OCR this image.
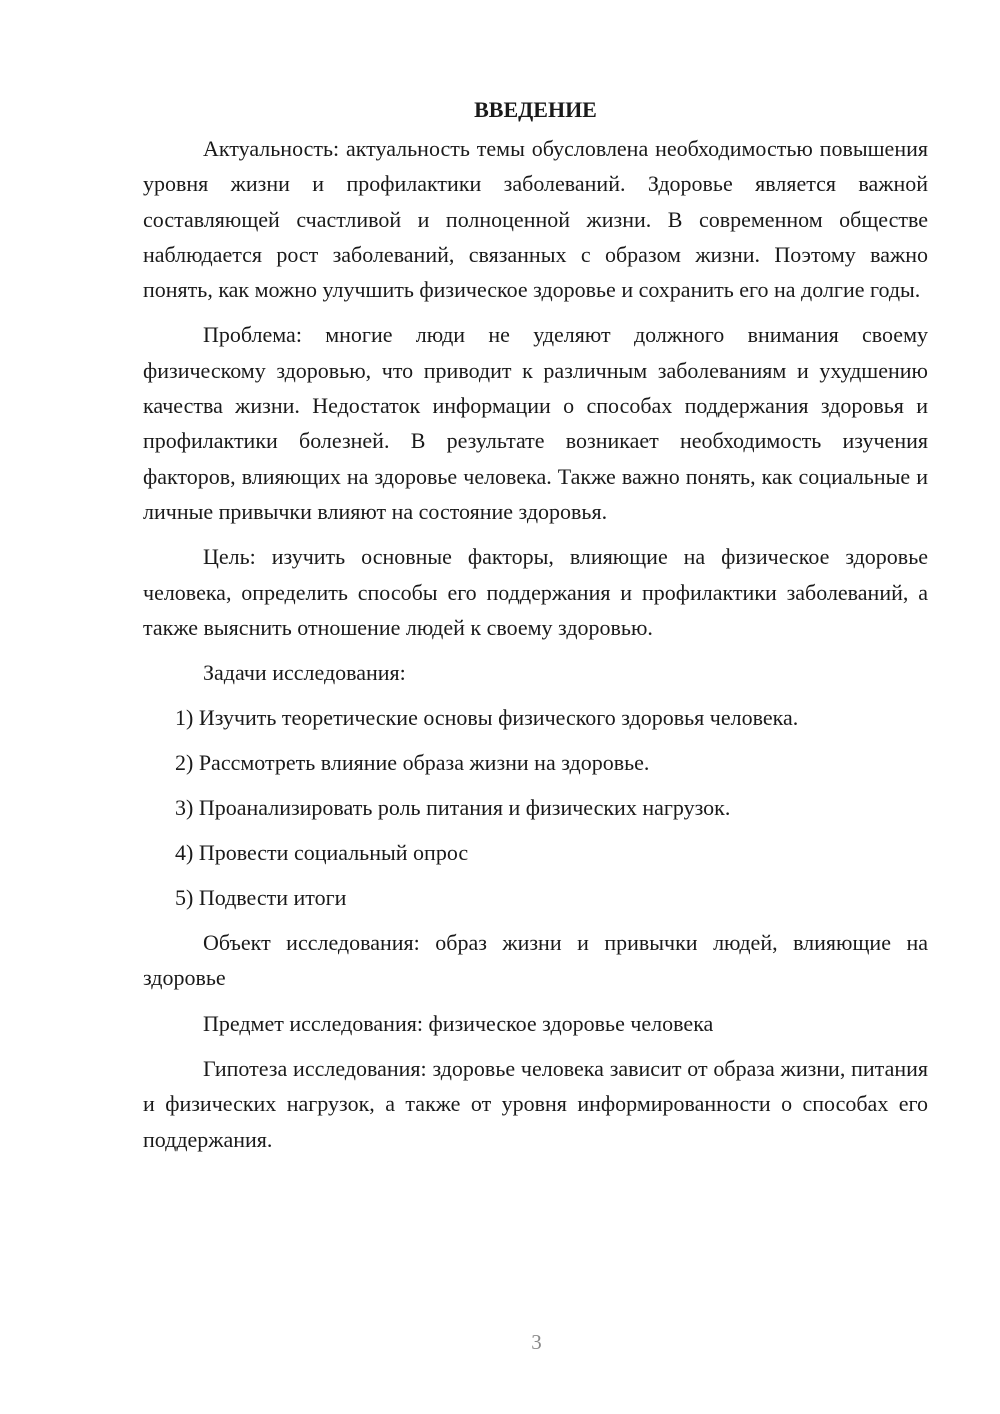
ВВЕДЕНИЕ

Актуальность: актуальность темы обусловлена необходимостью повышения уровня жизни и профилактики заболеваний. Здоровье является важной составляющей счастливой и полноценной жизни. В современном обществе наблюдается рост заболеваний, связанных с образом жизни. Поэтому важно понять, как можно улучшить физическое здоровье и сохранить его на долгие годы.

Проблема: многие люди не уделяют должного внимания своему физическому здоровью, что приводит к различным заболеваниям и ухудшению качества жизни. Недостаток информации о способах поддержания здоровья и профилактики болезней. В результате возникает необходимость изучения факторов, влияющих на здоровье человека. Также важно понять, как социальные и личные привычки влияют на состояние здоровья.

Цель: изучить основные факторы, влияющие на физическое здоровье человека, определить способы его поддержания и профилактики заболеваний, а также выяснить отношение людей к своему здоровью.

Задачи исследования:

1) Изучить теоретические основы физического здоровья человека.
2) Рассмотреть влияние образа жизни на здоровье.
3) Проанализировать роль питания и физических нагрузок.
4) Провести социальный опрос
5) Подвести итоги

Объект исследования: образ жизни и привычки людей, влияющие на здоровье

Предмет исследования: физическое здоровье человека

Гипотеза исследования: здоровье человека зависит от образа жизни, питания и физических нагрузок, а также от уровня информированности о способах его поддержания.

3
